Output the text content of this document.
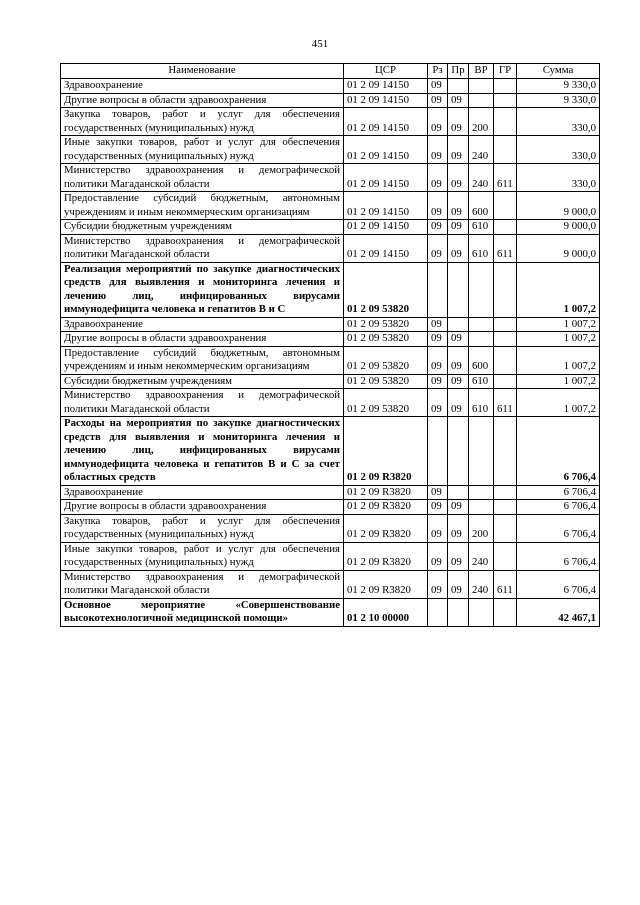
451
Наименование	ЦСР	Рз	Пр	ВР	ГР	Сумма
Здравоохранение	01 2 09 14150	09				9 330,0
Другие вопросы в области здравоохранения	01 2 09 14150	09	09			9 330,0
Закупка товаров, работ и услуг для обеспечения государственных (муниципальных) нужд	01 2 09 14150	09	09	200		330,0
Иные закупки товаров, работ и услуг для обеспечения государственных (муниципальных) нужд	01 2 09 14150	09	09	240		330,0
Министерство здравоохранения и демографической политики Магаданской области	01 2 09 14150	09	09	240	611	330,0
Предоставление субсидий бюджетным, автономным учреждениям и иным некоммерческим организациям	01 2 09 14150	09	09	600		9 000,0
Субсидии бюджетным учреждениям	01 2 09 14150	09	09	610		9 000,0
Министерство здравоохранения и демографической политики Магаданской области	01 2 09 14150	09	09	610	611	9 000,0
Реализация мероприятий по закупке диагностических средств для выявления и мониторинга лечения и лечению лиц, инфицированных вирусами иммунодефицита человека и гепатитов В и С	01 2 09 53820					1 007,2
Здравоохранение	01 2 09 53820	09				1 007,2
Другие вопросы в области здравоохранения	01 2 09 53820	09	09			1 007,2
Предоставление субсидий бюджетным, автономным учреждениям и иным некоммерческим организациям	01 2 09 53820	09	09	600		1 007,2
Субсидии бюджетным учреждениям	01 2 09 53820	09	09	610		1 007,2
Министерство здравоохранения и демографической политики Магаданской области	01 2 09 53820	09	09	610	611	1 007,2
Расходы на мероприятия по закупке диагностических средств для выявления и мониторинга лечения и лечению лиц, инфицированных вирусами иммунодефицита человека и гепатитов В и С за счет областных средств	01 2 09 R3820					6 706,4
Здравоохранение	01 2 09 R3820	09				6 706,4
Другие вопросы в области здравоохранения	01 2 09 R3820	09	09			6 706,4
Закупка товаров, работ и услуг для обеспечения государственных (муниципальных) нужд	01 2 09 R3820	09	09	200		6 706,4
Иные закупки товаров, работ и услуг для обеспечения государственных (муниципальных) нужд	01 2 09 R3820	09	09	240		6 706,4
Министерство здравоохранения и демографической политики Магаданской области	01 2 09 R3820	09	09	240	611	6 706,4
Основное мероприятие «Совершенствование высокотехнологичной медицинской помощи»	01 2 10 00000					42 467,1
